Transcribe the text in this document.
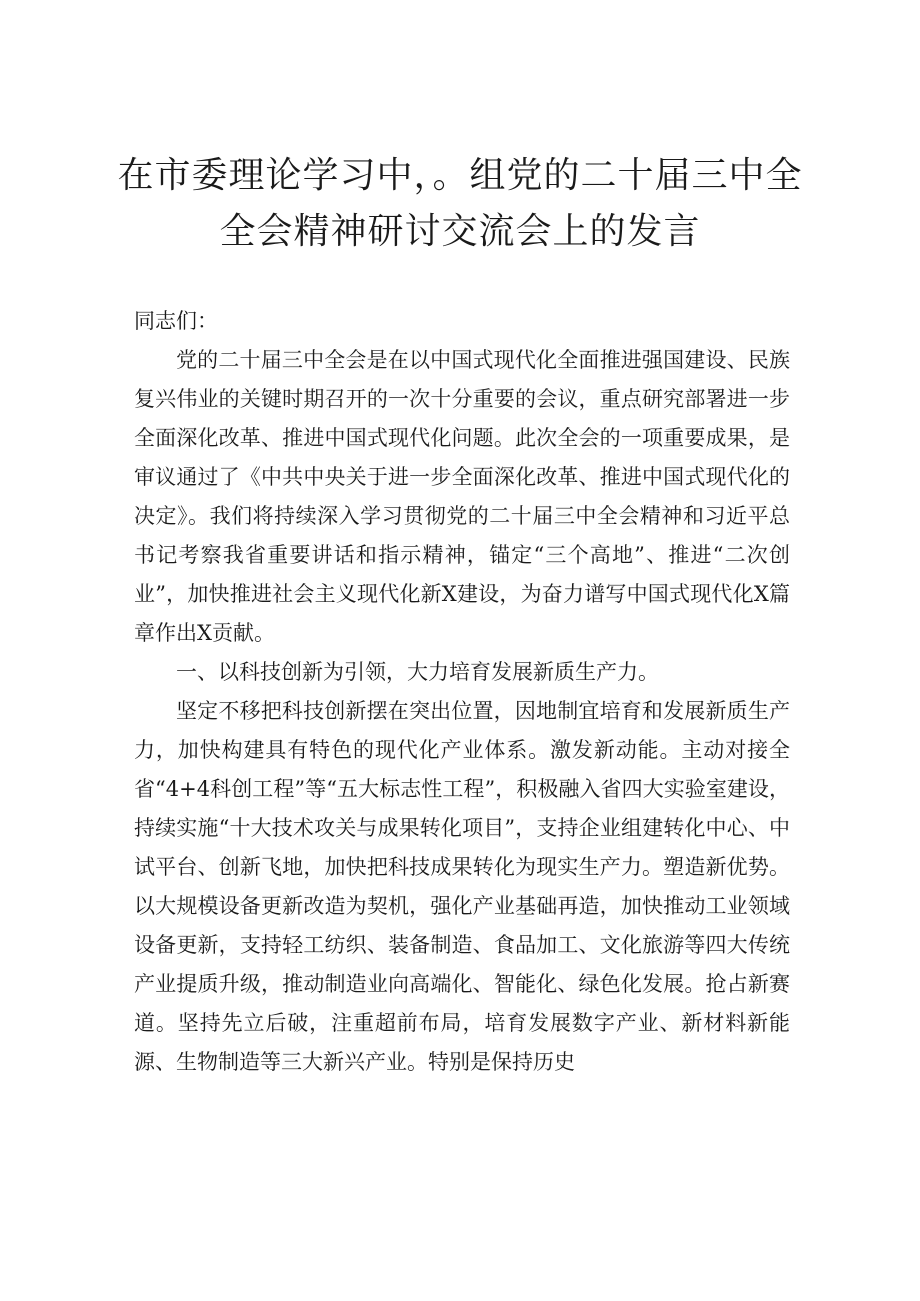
在市委理论学习中，。组党的二十届三中全
全会精神研讨交流会上的发言

同志们：

党的二十届三中全会是在以中国式现代化全面推进强国建设、民族复兴伟业的关键时期召开的一次十分重要的会议，重点研究部署进一步全面深化改革、推进中国式现代化问题。此次全会的一项重要成果，是审议通过了《中共中央关于进一步全面深化改革、推进中国式现代化的决定》。我们将持续深入学习贯彻党的二十届三中全会精神和习近平总书记考察我省重要讲话和指示精神，锚定“三个高地”、推进“二次创业”，加快推进社会主义现代化新X建设，为奋力谱写中国式现代化X篇章作出X贡献。

一、以科技创新为引领，大力培育发展新质生产力。

坚定不移把科技创新摆在突出位置，因地制宜培育和发展新质生产力，加快构建具有特色的现代化产业体系。激发新动能。主动对接全省“4+4科创工程”等“五大标志性工程”，积极融入省四大实验室建设，持续实施“十大技术攻关与成果转化项目”，支持企业组建转化中心、中试平台、创新飞地，加快把科技成果转化为现实生产力。塑造新优势。以大规模设备更新改造为契机，强化产业基础再造，加快推动工业领域设备更新，支持轻工纺织、装备制造、食品加工、文化旅游等四大传统产业提质升级，推动制造业向高端化、智能化、绿色化发展。抢占新赛道。坚持先立后破，注重超前布局，培育发展数字产业、新材料新能源、生物制造等三大新兴产业。特别是保持历史
